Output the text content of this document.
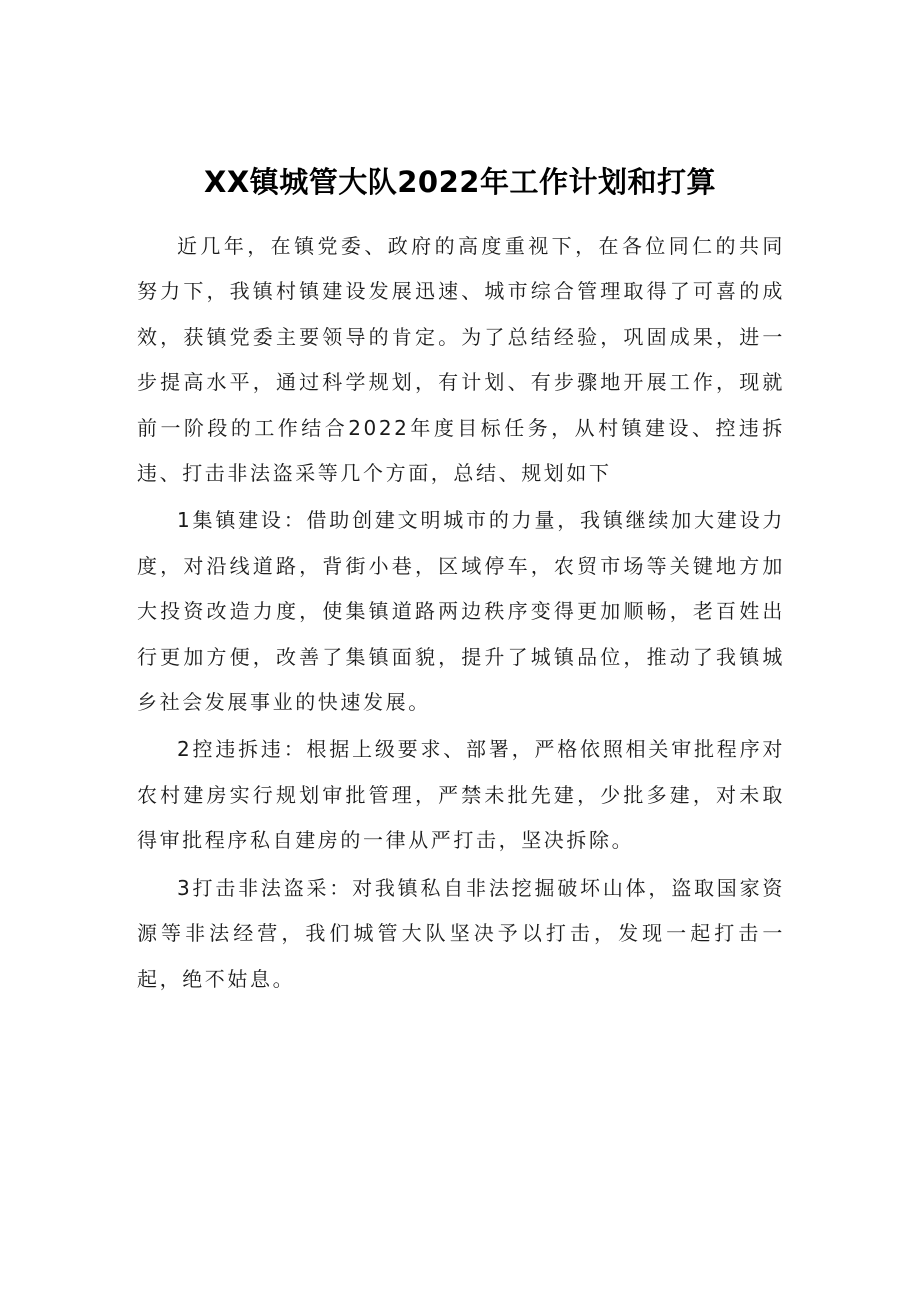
XX镇城管大队2022年工作计划和打算

近几年，在镇党委、政府的高度重视下，在各位同仁的共同努力下，我镇村镇建设发展迅速、城市综合管理取得了可喜的成效，获镇党委主要领导的肯定。为了总结经验，巩固成果，进一步提高水平，通过科学规划，有计划、有步骤地开展工作，现就前一阶段的工作结合2022年度目标任务，从村镇建设、控违拆违、打击非法盗采等几个方面，总结、规划如下

1集镇建设：借助创建文明城市的力量，我镇继续加大建设力度，对沿线道路，背街小巷，区域停车，农贸市场等关键地方加大投资改造力度，使集镇道路两边秩序变得更加顺畅，老百姓出行更加方便，改善了集镇面貌，提升了城镇品位，推动了我镇城乡社会发展事业的快速发展。

2控违拆违：根据上级要求、部署，严格依照相关审批程序对农村建房实行规划审批管理，严禁未批先建，少批多建，对未取得审批程序私自建房的一律从严打击，坚决拆除。

3打击非法盗采：对我镇私自非法挖掘破坏山体，盗取国家资源等非法经营，我们城管大队坚决予以打击，发现一起打击一起，绝不姑息。
